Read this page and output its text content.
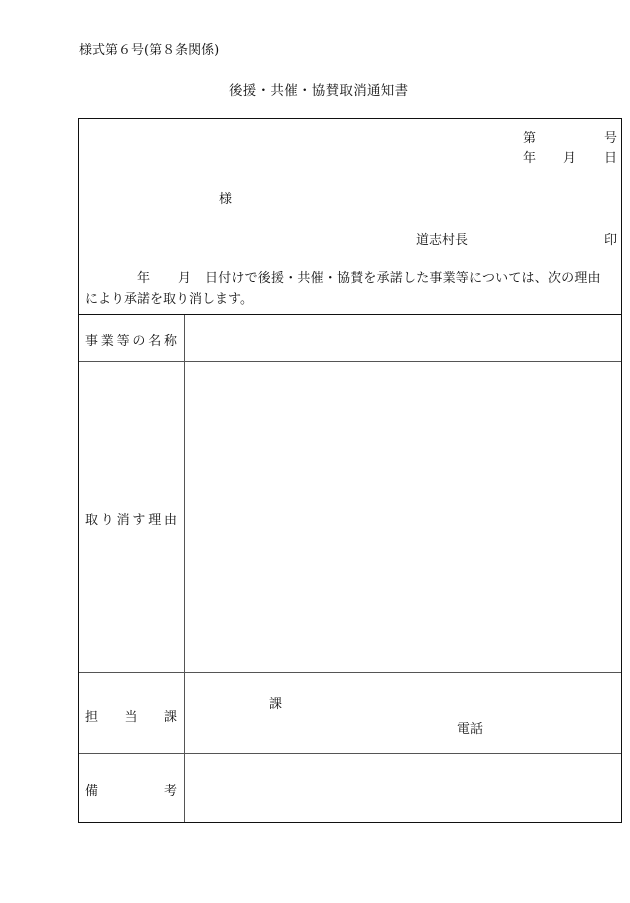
様式第６号(第８条関係)
後援・共催・協賛取消通知書
第	号
年 月 日
様
道志村長	印
年 月 日付けで後援・共催・協賛を承諾した事業等については、次の理由
により承諾を取り消します。
事 業 等 の 名 称
取 り 消 す 理 由
担 当 課
課
電話
備	考
